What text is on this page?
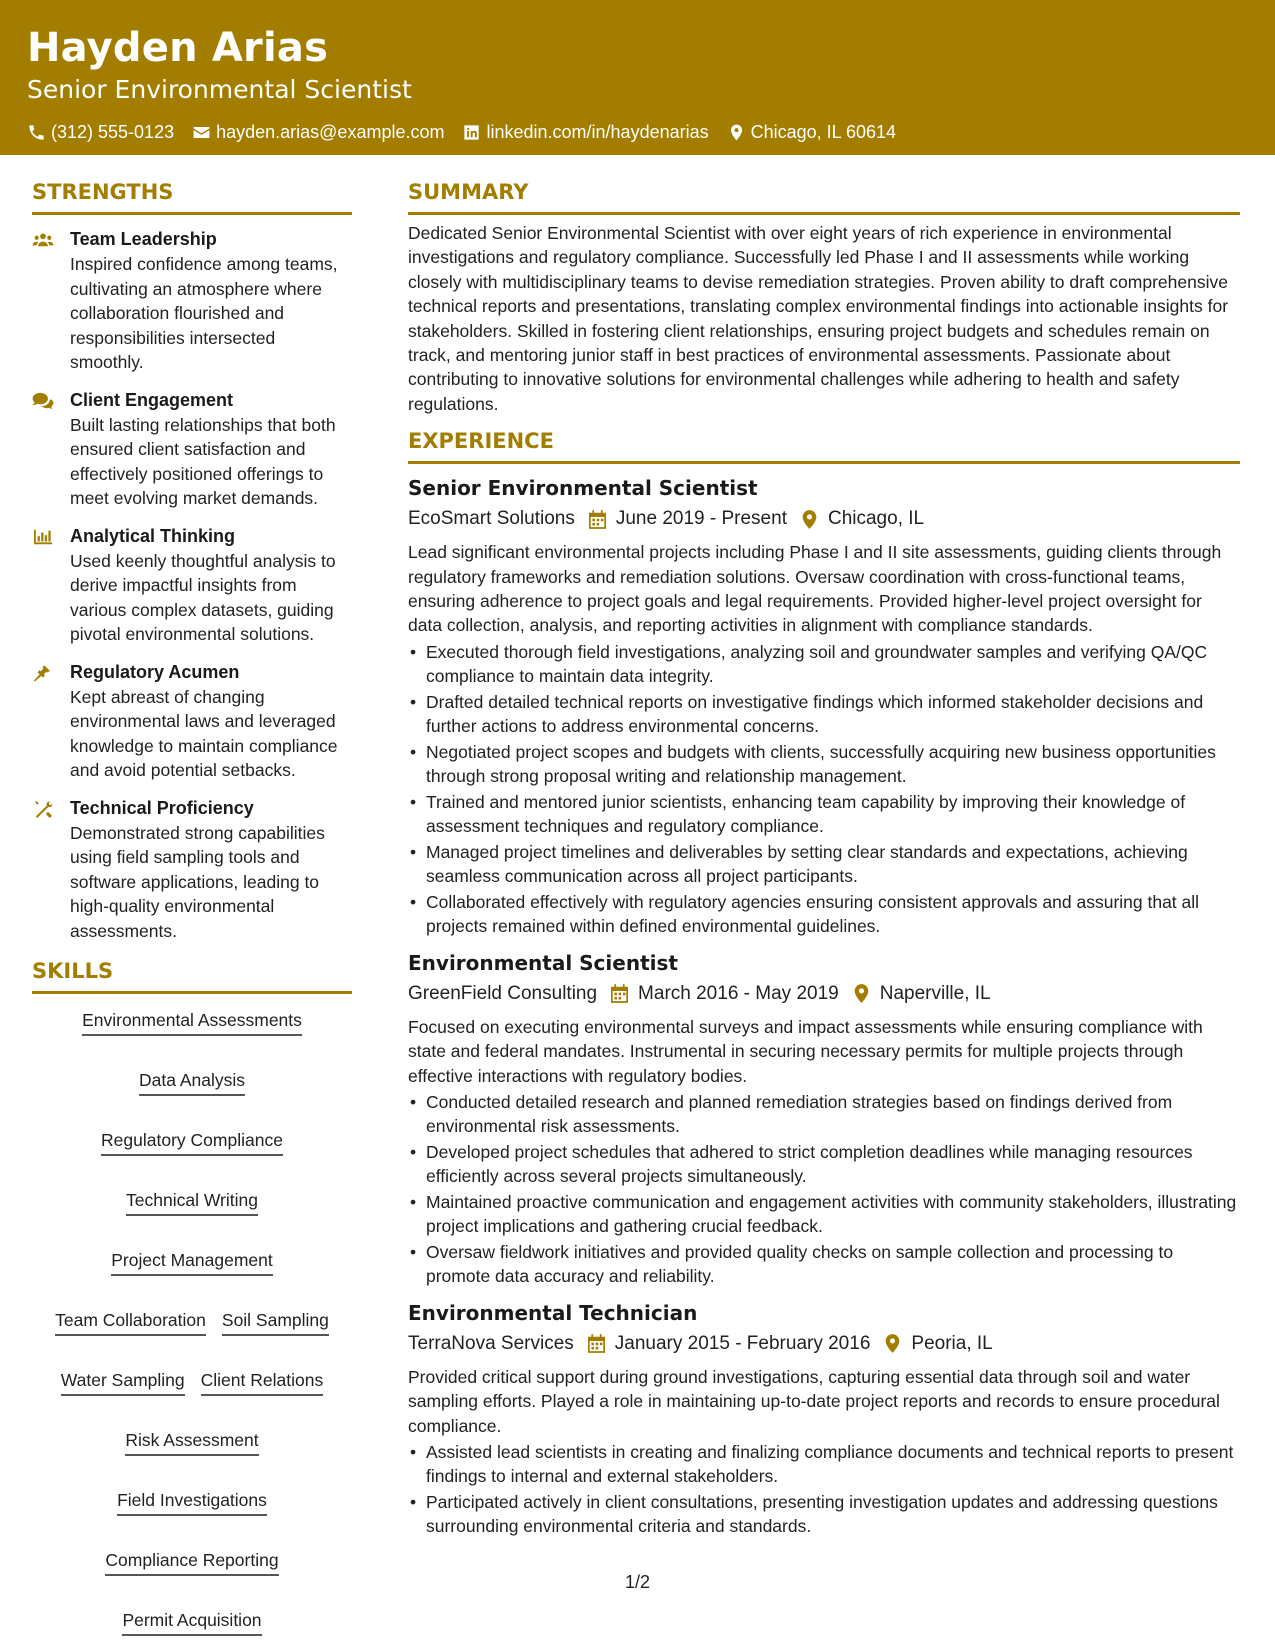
Hayden Arias
Senior Environmental Scientist
(312) 555-0123 hayden.arias@example.com linkedin.com/in/haydenarias Chicago, IL 60614
STRENGTHS
Team Leadership
Inspired confidence among teams, cultivating an atmosphere where collaboration flourished and responsibilities intersected smoothly.
Client Engagement
Built lasting relationships that both ensured client satisfaction and effectively positioned offerings to meet evolving market demands.
Analytical Thinking
Used keenly thoughtful analysis to derive impactful insights from various complex datasets, guiding pivotal environmental solutions.
Regulatory Acumen
Kept abreast of changing environmental laws and leveraged knowledge to maintain compliance and avoid potential setbacks.
Technical Proficiency
Demonstrated strong capabilities using field sampling tools and software applications, leading to high-quality environmental assessments.
SKILLS
Environmental Assessments
Data Analysis
Regulatory Compliance
Technical Writing
Project Management
Team Collaboration Soil Sampling
Water Sampling Client Relations
Risk Assessment
Field Investigations
Compliance Reporting
Permit Acquisition
SUMMARY
Dedicated Senior Environmental Scientist with over eight years of rich experience in environmental investigations and regulatory compliance. Successfully led Phase I and II assessments while working closely with multidisciplinary teams to devise remediation strategies. Proven ability to draft comprehensive technical reports and presentations, translating complex environmental findings into actionable insights for stakeholders. Skilled in fostering client relationships, ensuring project budgets and schedules remain on track, and mentoring junior staff in best practices of environmental assessments. Passionate about contributing to innovative solutions for environmental challenges while adhering to health and safety regulations.
EXPERIENCE
Senior Environmental Scientist
EcoSmart Solutions June 2019 - Present Chicago, IL
Lead significant environmental projects including Phase I and II site assessments, guiding clients through regulatory frameworks and remediation solutions. Oversaw coordination with cross-functional teams, ensuring adherence to project goals and legal requirements. Provided higher-level project oversight for data collection, analysis, and reporting activities in alignment with compliance standards.
• Executed thorough field investigations, analyzing soil and groundwater samples and verifying QA/QC compliance to maintain data integrity.
• Drafted detailed technical reports on investigative findings which informed stakeholder decisions and further actions to address environmental concerns.
• Negotiated project scopes and budgets with clients, successfully acquiring new business opportunities through strong proposal writing and relationship management.
• Trained and mentored junior scientists, enhancing team capability by improving their knowledge of assessment techniques and regulatory compliance.
• Managed project timelines and deliverables by setting clear standards and expectations, achieving seamless communication across all project participants.
• Collaborated effectively with regulatory agencies ensuring consistent approvals and assuring that all projects remained within defined environmental guidelines.
Environmental Scientist
GreenField Consulting March 2016 - May 2019 Naperville, IL
Focused on executing environmental surveys and impact assessments while ensuring compliance with state and federal mandates. Instrumental in securing necessary permits for multiple projects through effective interactions with regulatory bodies.
• Conducted detailed research and planned remediation strategies based on findings derived from environmental risk assessments.
• Developed project schedules that adhered to strict completion deadlines while managing resources efficiently across several projects simultaneously.
• Maintained proactive communication and engagement activities with community stakeholders, illustrating project implications and gathering crucial feedback.
• Oversaw fieldwork initiatives and provided quality checks on sample collection and processing to promote data accuracy and reliability.
Environmental Technician
TerraNova Services January 2015 - February 2016 Peoria, IL
Provided critical support during ground investigations, capturing essential data through soil and water sampling efforts. Played a role in maintaining up-to-date project reports and records to ensure procedural compliance.
• Assisted lead scientists in creating and finalizing compliance documents and technical reports to present findings to internal and external stakeholders.
• Participated actively in client consultations, presenting investigation updates and addressing questions surrounding environmental criteria and standards.
1/2
